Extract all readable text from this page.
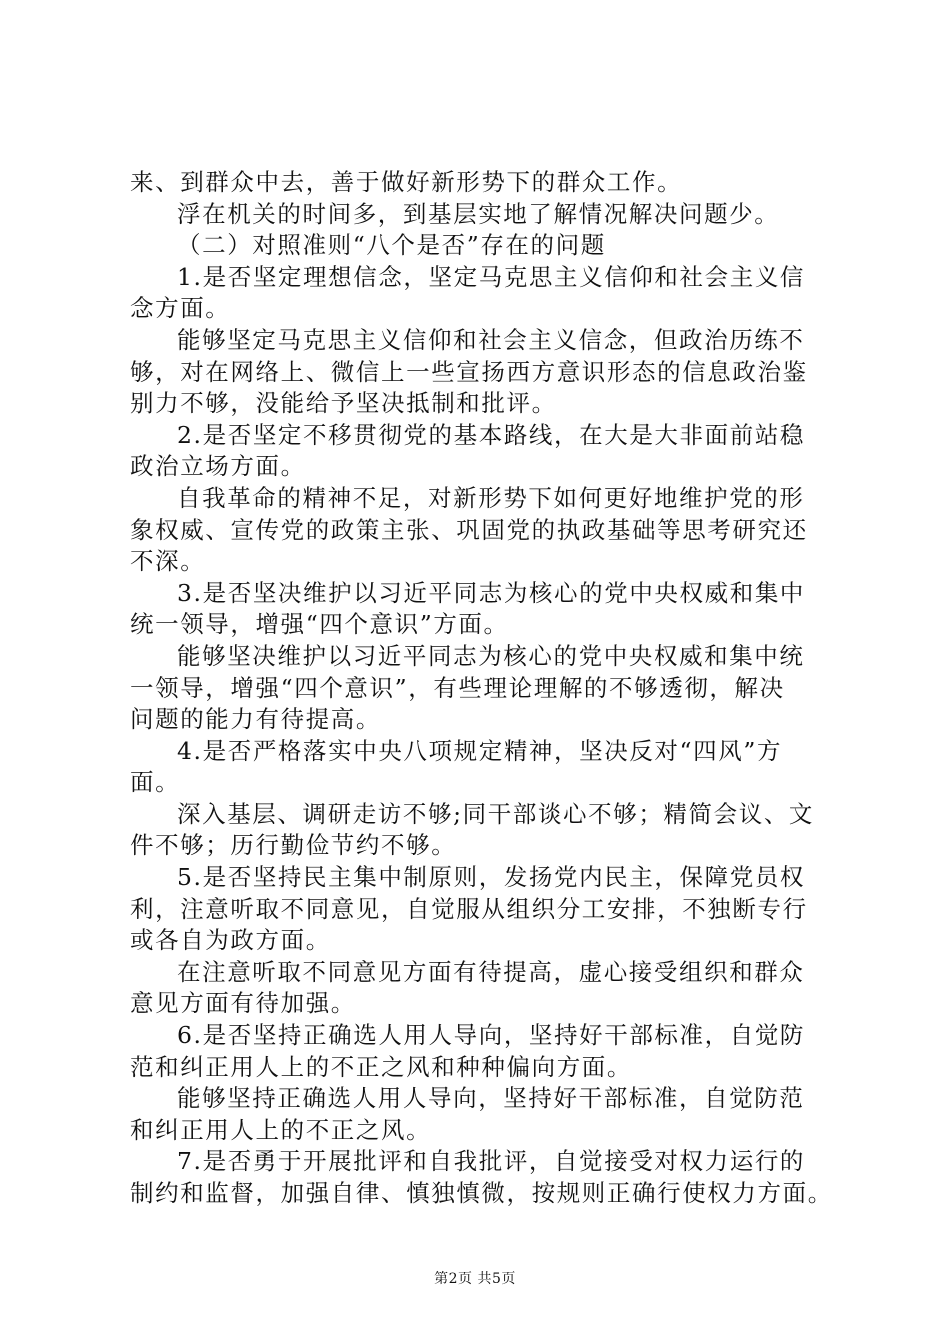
来、到群众中去，善于做好新形势下的群众工作。
浮在机关的时间多，到基层实地了解情况解决问题少。
（二）对照准则“八个是否”存在的问题
1.是否坚定理想信念，坚定马克思主义信仰和社会主义信
念方面。
能够坚定马克思主义信仰和社会主义信念，但政治历练不
够，对在网络上、微信上一些宣扬西方意识形态的信息政治鉴
别力不够，没能给予坚决抵制和批评。
2.是否坚定不移贯彻党的基本路线，在大是大非面前站稳
政治立场方面。
自我革命的精神不足，对新形势下如何更好地维护党的形
象权威、宣传党的政策主张、巩固党的执政基础等思考研究还
不深。
3.是否坚决维护以习近平同志为核心的党中央权威和集中
统一领导，增强“四个意识”方面。
能够坚决维护以习近平同志为核心的党中央权威和集中统
一领导，增强“四个意识”，有些理论理解的不够透彻，解决
问题的能力有待提高。
4.是否严格落实中央八项规定精神，坚决反对“四风”方
面。
深入基层、调研走访不够;同干部谈心不够；精简会议、文
件不够；历行勤俭节约不够。
5.是否坚持民主集中制原则，发扬党内民主，保障党员权
利，注意听取不同意见，自觉服从组织分工安排，不独断专行
或各自为政方面。
在注意听取不同意见方面有待提高，虚心接受组织和群众
意见方面有待加强。
6.是否坚持正确选人用人导向，坚持好干部标准，自觉防
范和纠正用人上的不正之风和种种偏向方面。
能够坚持正确选人用人导向，坚持好干部标准，自觉防范
和纠正用人上的不正之风。
7.是否勇于开展批评和自我批评，自觉接受对权力运行的
制约和监督，加强自律、慎独慎微，按规则正确行使权力方面。
第2页 共5页
